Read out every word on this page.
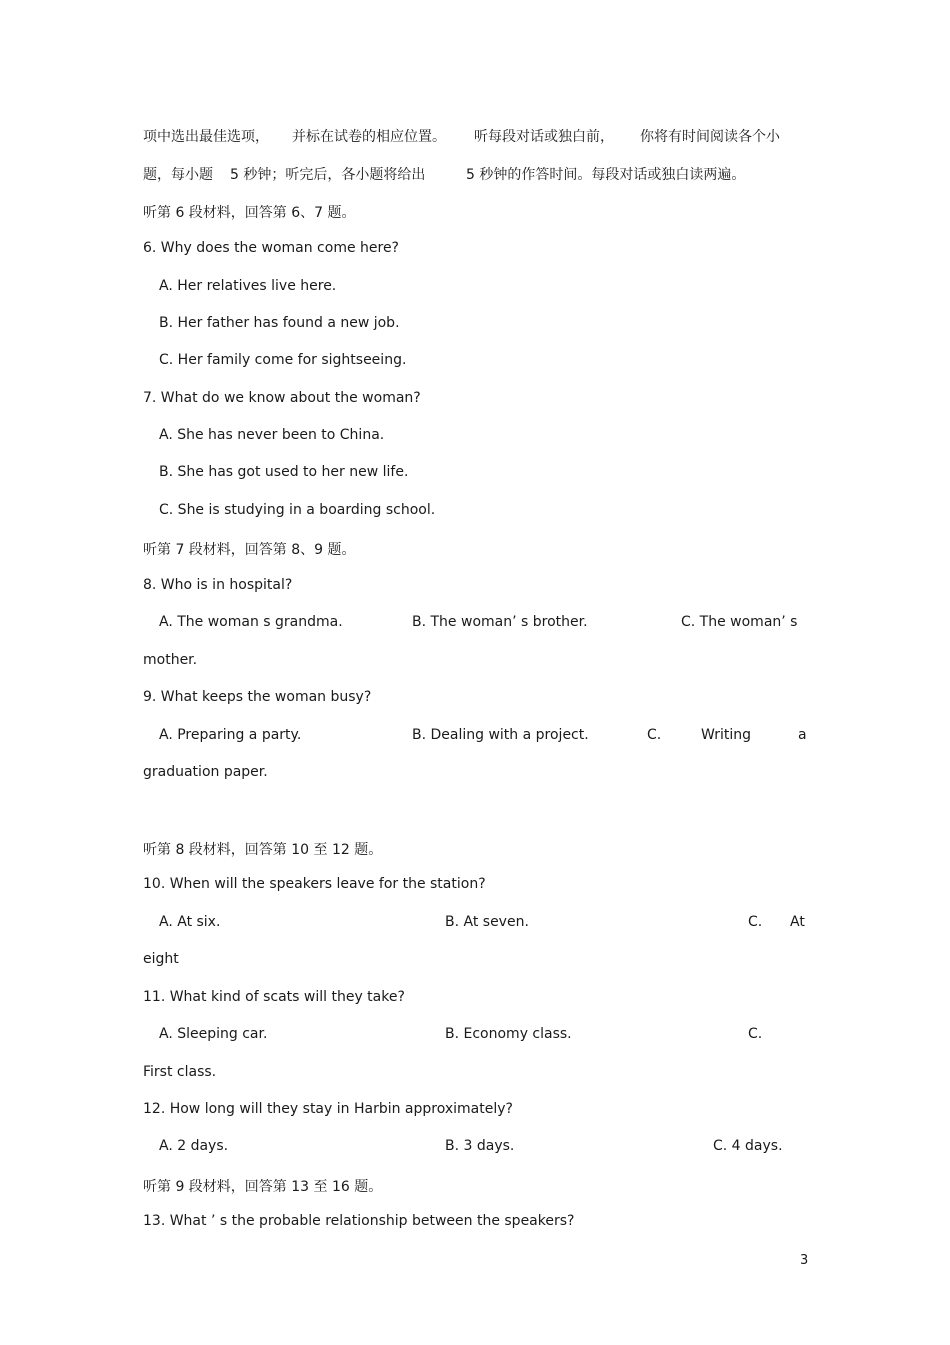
项中选出最佳选项， 并标在试卷的相应位置。 听每段对话或独白前， 你将有时间阅读各个小
题，每小题 5 秒钟；听完后，各小题将给出	5 秒钟的作答时间。每段对话或独白读两遍。
听第 6 段材料，回答第 6、7 题。
6. Why does the woman come here?
A. Her relatives live here.
B. Her father has found a new job.
C. Her family come for sightseeing.
7. What do we know about the woman?
A. She has never been to China.
B. She has got used to her new life.
C. She is studying in a boarding school.
听第 7 段材料，回答第 8、9 题。
8. Who is in hospital?
A. The woman s grandma.	B. The woman’ s brother.	C. The woman’ s
mother.
9. What keeps the woman busy?
A. Preparing a party.	B. Dealing with a project.	C.	Writing	a
graduation paper.
听第 8 段材料，回答第 10 至 12 题。
10. When will the speakers leave for the station?
A. At six.	B. At seven.	C. At
eight
11. What kind of scats will they take?
A. Sleeping car.	B. Economy class.	C.
First class.
12. How long will they stay in Harbin approximately?
A. 2 days.	B. 3 days.	C. 4 days.
听第 9 段材料，回答第 13 至 16 题。
13. What ’ s the probable relationship between the speakers?
3
